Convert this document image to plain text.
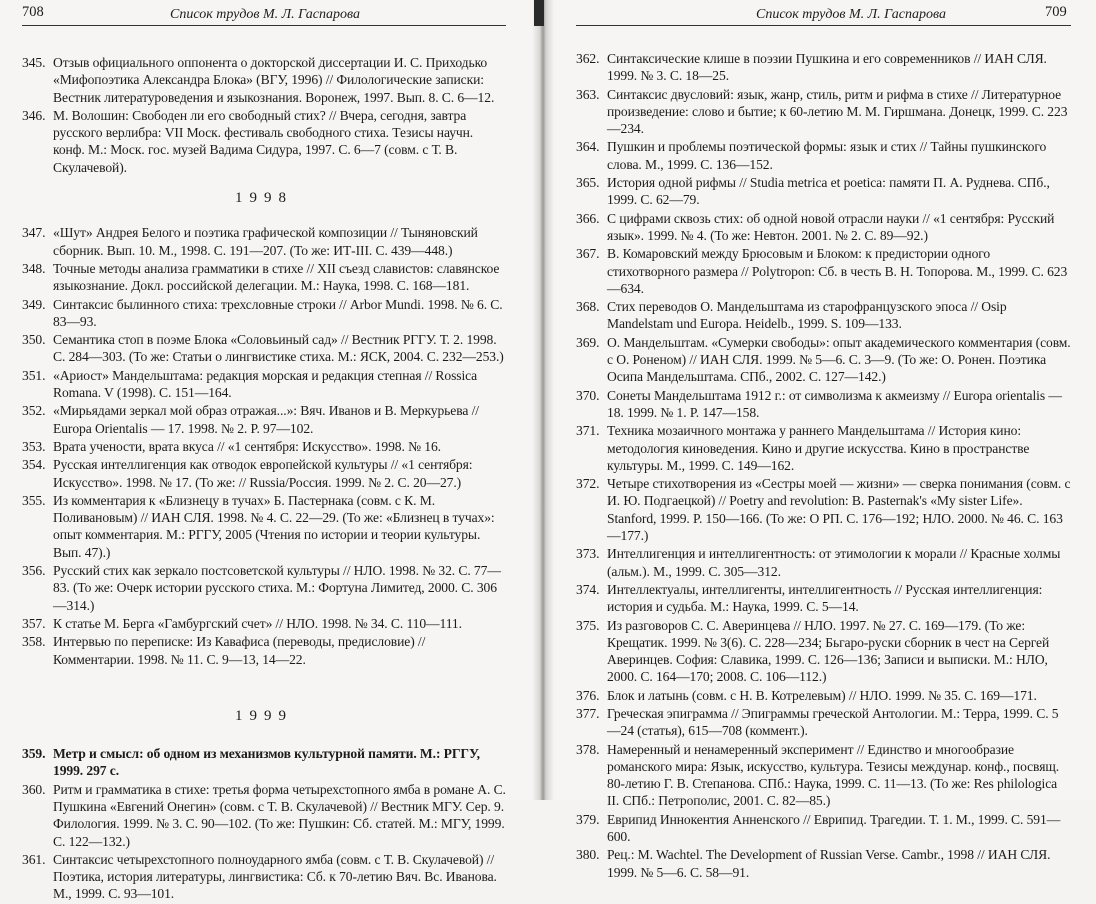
708	Список трудов М. Л. Гаспарова
345. Отзыв официального оппонента о докторской диссертации И. С. Приходько «Мифопоэтика Александра Блока» (ВГУ, 1996) // Филологические записки: Вестник литературоведения и языкознания. Воронеж, 1997. Вып. 8. С. 6—12.
346. М. Волошин: Свободен ли его свободный стих? // Вчера, сегодня, завтра русского верлибра: VII Моск. фестиваль свободного стиха. Тезисы научн. конф. М.: Моск. гос. музей Вадима Сидура, 1997. С. 6—7 (совм. с Т. В. Скулачевой).
1998
347. «Шут» Андрея Белого и поэтика графической композиции // Тыняновский сборник. Вып. 10. М., 1998. С. 191—207. (То же: ИТ-III. С. 439—448.)
348. Точные методы анализа грамматики в стихе // XII съезд славистов: славянское языкознание. Докл. российской делегации. М.: Наука, 1998. С. 168—181.
349. Синтаксис былинного стиха: трехсловные строки // Arbor Mundi. 1998. № 6. С. 83—93.
350. Семантика стоп в поэме Блока «Соловьиный сад» // Вестник РГГУ. Т. 2. 1998. С. 284—303. (То же: Статьи о лингвистике стиха. М.: ЯСК, 2004. С. 232—253.)
351. «Ариост» Мандельштама: редакция морская и редакция степная // Rossica Romana. V (1998). С. 151—164.
352. «Мирьядами зеркал мой образ отражая...»: Вяч. Иванов и В. Меркурьева // Europa Orientalis — 17. 1998. № 2. P. 97—102.
353. Врата учености, врата вкуса // «1 сентября: Искусство». 1998. № 16.
354. Русская интеллигенция как отводок европейской культуры // «1 сентября: Искусство». 1998. № 17. (То же: // Russia/Россия. 1999. № 2. С. 20—27.)
355. Из комментария к «Близнецу в тучах» Б. Пастернака (совм. с К. М. Поливановым) // ИАН СЛЯ. 1998. № 4. С. 22—29. (То же: «Близнец в тучах»: опыт комментария. М.: РГГУ, 2005 (Чтения по истории и теории культуры. Вып. 47).)
356. Русский стих как зеркало постсоветской культуры // НЛО. 1998. № 32. С. 77—83. (То же: Очерк истории русского стиха. М.: Фортуна Лимитед, 2000. С. 306—314.)
357. К статье М. Берга «Гамбургский счет» // НЛО. 1998. № 34. С. 110—111.
358. Интервью по переписке: Из Кавафиса (переводы, предисловие) // Комментарии. 1998. № 11. С. 9—13, 14—22.
1999
359. Метр и смысл: об одном из механизмов культурной памяти. М.: РГГУ, 1999. 297 с.
360. Ритм и грамматика в стихе: третья форма четырехстопного ямба в романе А. С. Пушкина «Евгений Онегин» (совм. с Т. В. Скулачевой) // Вестник МГУ. Сер. 9. Филология. 1999. № 3. С. 90—102. (То же: Пушкин: Сб. статей. М.: МГУ, 1999. С. 122—132.)
361. Синтаксис четырехстопного полноударного ямба (совм. с Т. В. Скулачевой) // Поэтика, история литературы, лингвистика: Сб. к 70-летию Вяч. Вс. Иванова. М., 1999. С. 93—101.
Список трудов М. Л. Гаспарова	709
362. Синтаксические клише в поэзии Пушкина и его современников // ИАН СЛЯ. 1999. № 3. С. 18—25.
363. Синтаксис двусловий: язык, жанр, стиль, ритм и рифма в стихе // Литературное произведение: слово и бытие; к 60-летию М. М. Гиршмана. Донецк, 1999. С. 223—234.
364. Пушкин и проблемы поэтической формы: язык и стих // Тайны пушкинского слова. М., 1999. С. 136—152.
365. История одной рифмы // Studia metrica et poetica: памяти П. А. Руднева. СПб., 1999. С. 62—79.
366. С цифрами сквозь стих: об одной новой отрасли науки // «1 сентября: Русский язык». 1999. № 4. (То же: Невтон. 2001. № 2. С. 89—92.)
367. В. Комаровский между Брюсовым и Блоком: к предистории одного стихотворного размера // Polytropon: Сб. в честь В. Н. Топорова. М., 1999. С. 623—634.
368. Стих переводов О. Мандельштама из старофранцузского эпоса // Osip Mandelstam und Europa. Heidelb., 1999. S. 109—133.
369. О. Мандельштам. «Сумерки свободы»: опыт академического комментария (совм. с О. Роненом) // ИАН СЛЯ. 1999. № 5—6. С. 3—9. (То же: О. Ронен. Поэтика Осипа Мандельштама. СПб., 2002. С. 127—142.)
370. Сонеты Мандельштама 1912 г.: от символизма к акмеизму // Europa orientalis — 18. 1999. № 1. P. 147—158.
371. Техника мозаичного монтажа у раннего Мандельштама // История кино: методология киноведения. Кино и другие искусства. Кино в пространстве культуры. М., 1999. С. 149—162.
372. Четыре стихотворения из «Сестры моей — жизни» — сверка понимания (совм. с И. Ю. Подгаецкой) // Poetry and revolution: B. Pasternak's «My sister Life». Stanford, 1999. P. 150—166. (То же: О РП. С. 176—192; НЛО. 2000. № 46. С. 163—177.)
373. Интеллигенция и интеллигентность: от этимологии к морали // Красные холмы (альм.). М., 1999. С. 305—312.
374. Интеллектуалы, интеллигенты, интеллигентность // Русская интеллигенция: история и судьба. М.: Наука, 1999. С. 5—14.
375. Из разговоров С. С. Аверинцева // НЛО. 1997. № 27. С. 169—179. (То же: Крещатик. 1999. № 3(6). С. 228—234; Бьгаро-руски сборник в чест на Сергей Аверинцев. София: Славика, 1999. С. 126—136; Записи и выписки. М.: НЛО, 2000. С. 164—170; 2008. С. 106—112.)
376. Блок и латынь (совм. с Н. В. Котрелевым) // НЛО. 1999. № 35. С. 169—171.
377. Греческая эпиграмма // Эпиграммы греческой Антологии. М.: Терра, 1999. С. 5—24 (статья), 615—708 (коммент.).
378. Намеренный и ненамеренный эксперимент // Единство и многообразие романского мира: Язык, искусство, культура. Тезисы междунар. конф., посвящ. 80-летию Г. В. Степанова. СПб.: Наука, 1999. С. 11—13. (То же: Res philologica II. СПб.: Петрополис, 2001. С. 82—85.)
379. Еврипид Иннокентия Анненского // Еврипид. Трагедии. Т. 1. М., 1999. С. 591—600.
380. Рец.: M. Wachtel. The Development of Russian Verse. Cambr., 1998 // ИАН СЛЯ. 1999. № 5—6. С. 58—91.
